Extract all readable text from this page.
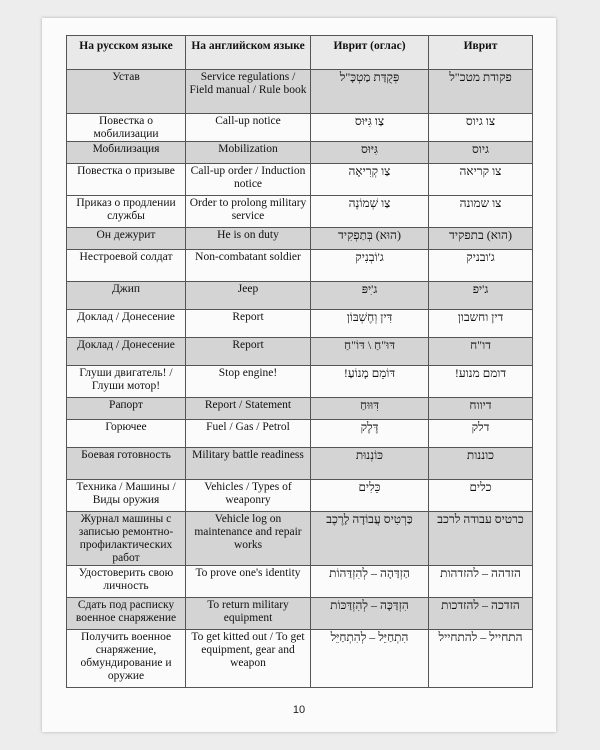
На русском языке	На английском языке	Иврит (оглас)	Иврит
Устав	Service regulations / Field manual / Rule book	פְּקֻדַּת מַטְכָּ"ל	פקודת מטכ"ל
Повестка о мобилизации	Call-up notice	צַו גִּיּוּס	צו גיוס
Мобилизация	Mobilization	גִּיּוּס	גיוס
Повестка о призыве	Call-up order / Induction notice	צַו קְרִיאָה	צו קריאה
Приказ о продлении службы	Order to prolong military service	צַו שְׁמוֹנֶה	צו שמונה
Он дежурит	He is on duty	(הוּא) בְּתַפְקִיד	(הוא) בתפקיד
Нестроевой солдат	Non-combatant soldier	ג'וֹבְנִיק	ג'ובניק
Джип	Jeep	ג'ִיפּ	ג'יפ
Доклад / Донесение	Report	דִּין וְחֶשְׁבּוֹן	דין וחשבון
Доклад / Донесение	Report	דּוּ"חַ \ דּוֹ"חַ	דו"ח
Глуши двигатель! / Глуши мотор!	Stop engine!	דּוֹמֵם מָנוֹעַ!	דומם מנוע!
Рапорт	Report / Statement	דִּוּוּחַ	דיווח
Горючее	Fuel / Gas / Petrol	דֶּלֶק	דלק
Боевая готовность	Military battle readiness	כּוֹנְנוּת	כוננות
Техника / Машины / Виды оружия	Vehicles / Types of weaponry	כֵּלִים	כלים
Журнал машины с записью ремонтно-профилактических работ	Vehicle log on maintenance and repair works	כַּרְטִיס עֲבוֹדָה לָרֶכֶב	כרטיס עבודה לרכב
Удостоверить свою личность	To prove one's identity	הַזְדַּהָה – לְהִזְדַּהוֹת	הזדהה – להזדהות
Сдать под расписку военное снаряжение	To return military equipment	הִזְדַּכָּה – לְהִזְדַּכּוֹת	הזדכה – להזדכות
Получить военное снаряжение, обмундирование и оружие	To get kitted out / To get equipment, gear and weapon	הִתְחַיֵּל – לְהִתְחַיֵּל	התחייל – להתחייל
10
